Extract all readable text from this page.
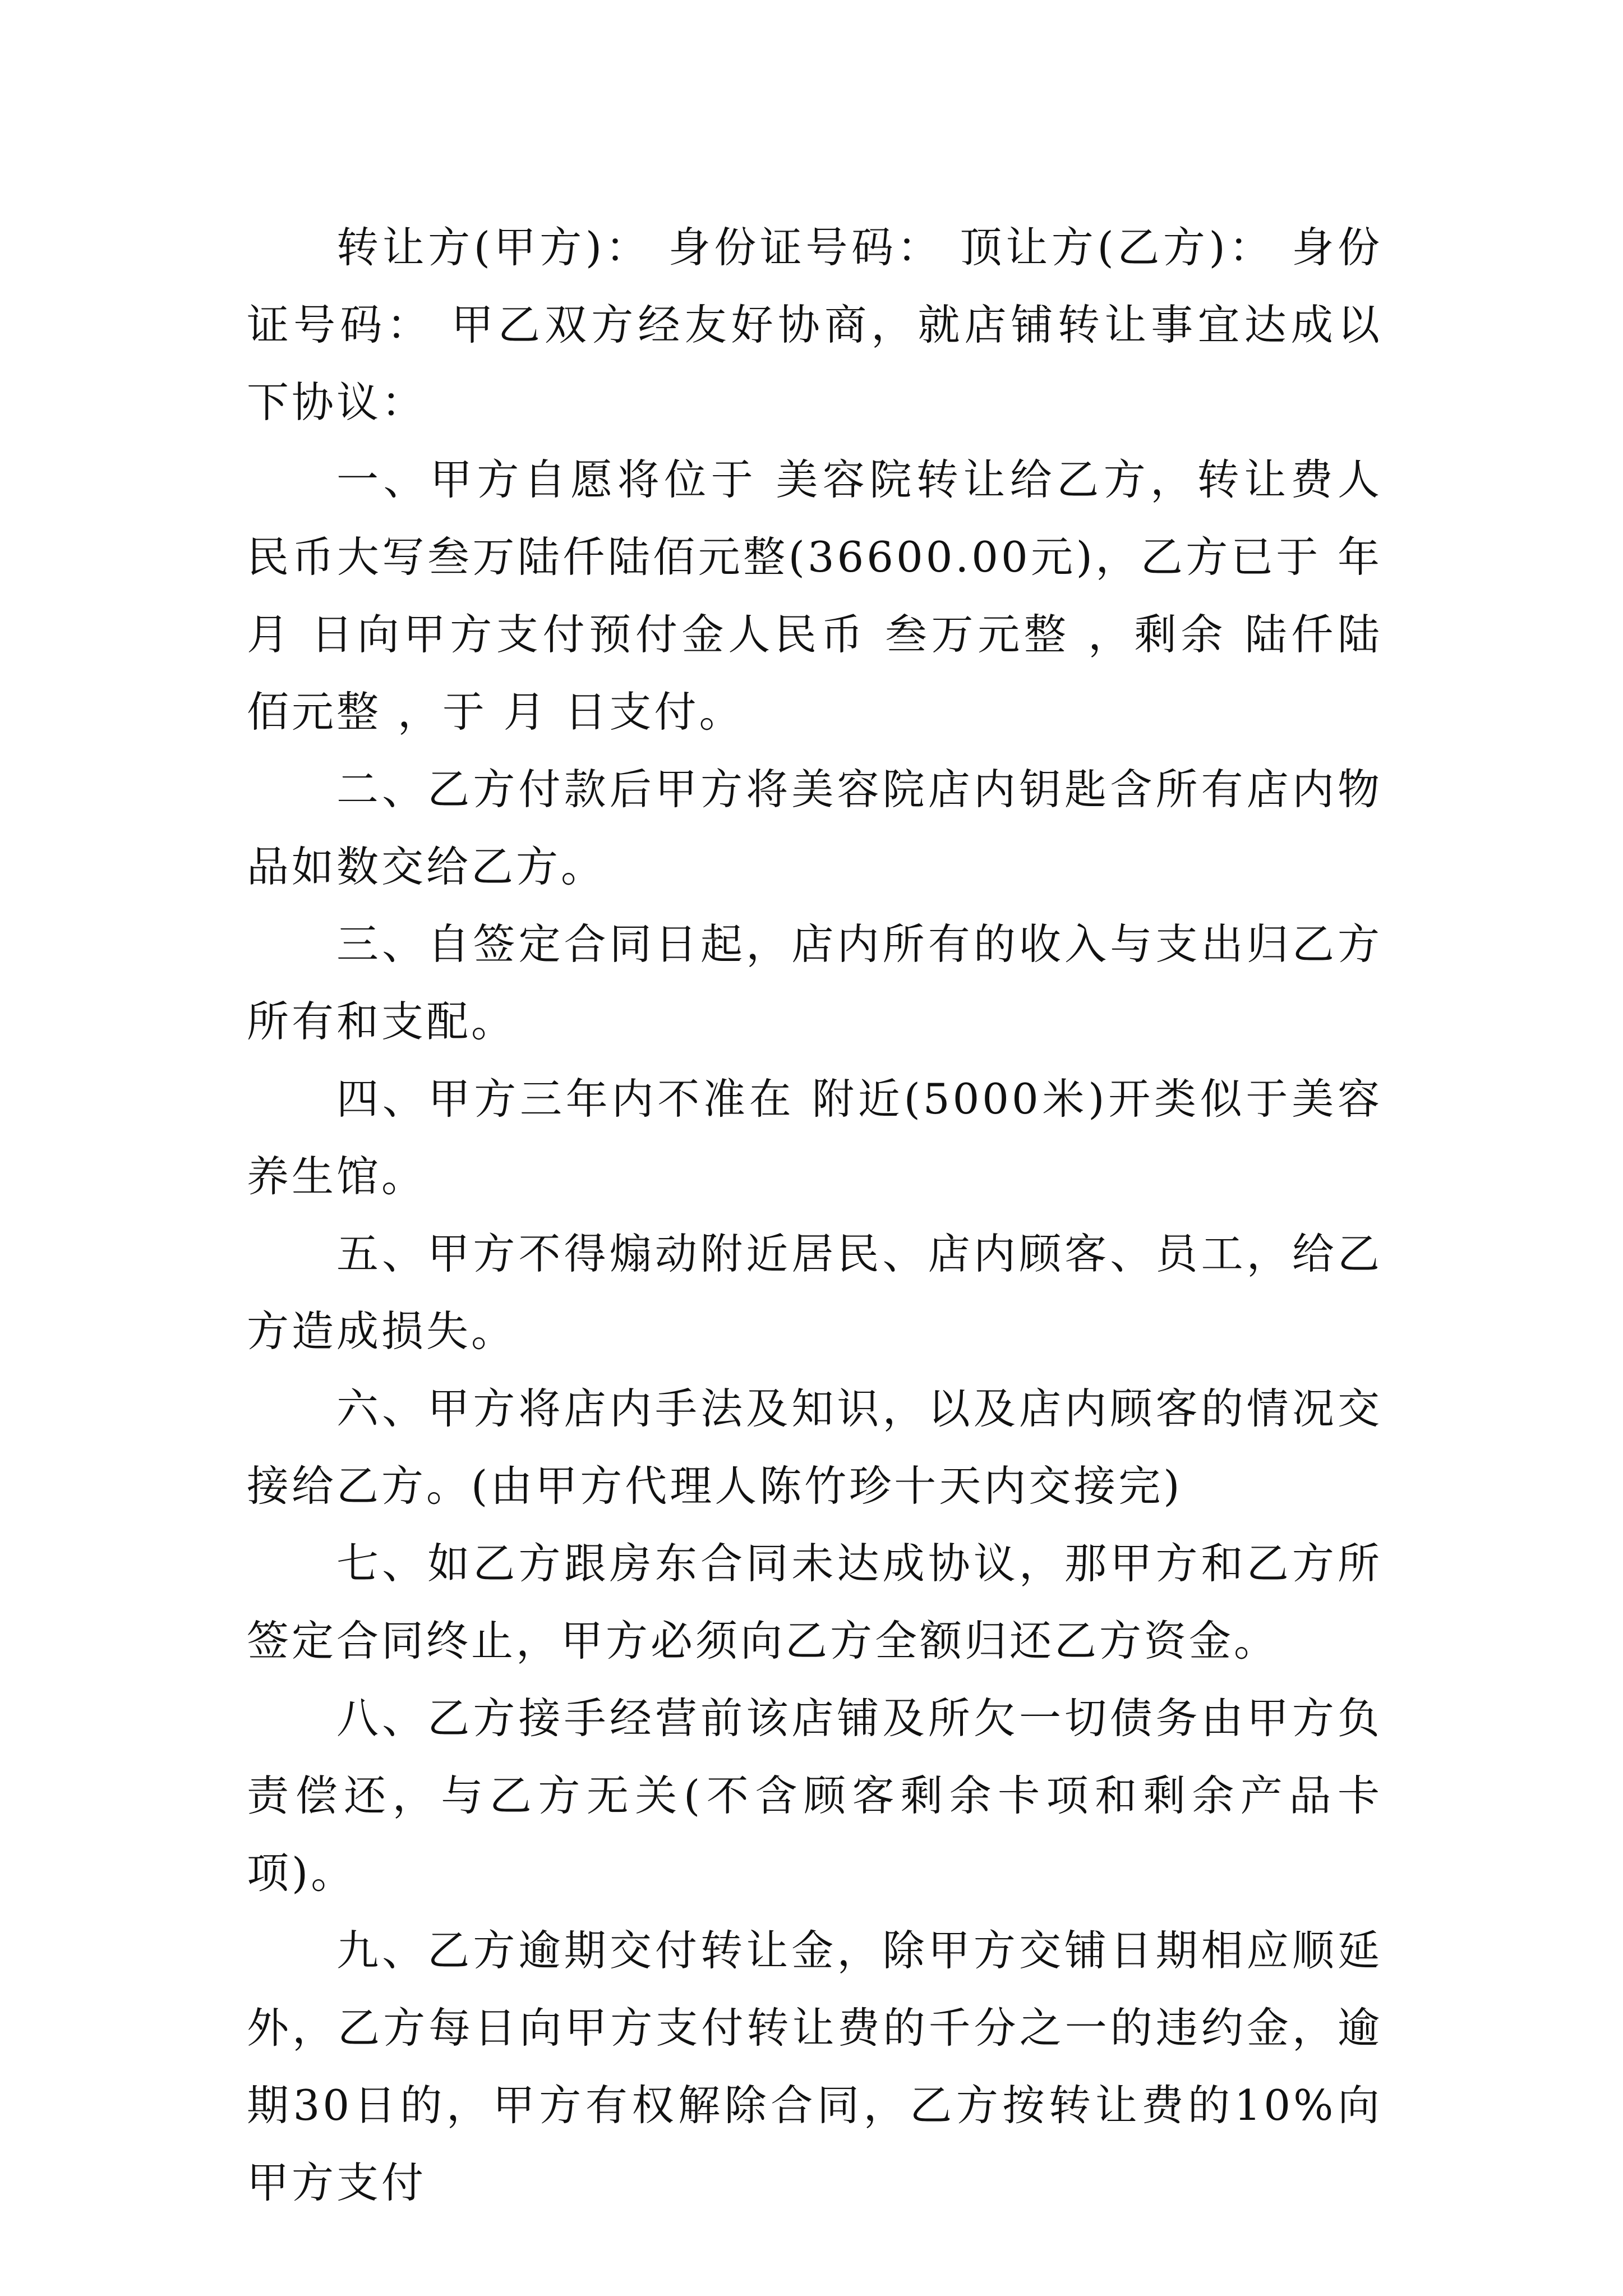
转让方(甲方)： 身份证号码： 顶让方(乙方)： 身份证号码： 甲乙双方经友好协商，就店铺转让事宜达成以下协议：

一、甲方自愿将位于 美容院转让给乙方，转让费人民币大写叁万陆仟陆佰元整(36600.00元)，乙方已于 年 月 日向甲方支付预付金人民币 叁万元整 ，剩余 陆仟陆佰元整 ，于 月 日支付。

二、乙方付款后甲方将美容院店内钥匙含所有店内物品如数交给乙方。

三、自签定合同日起，店内所有的收入与支出归乙方所有和支配。

四、甲方三年内不准在 附近(5000米)开类似于美容养生馆。

五、甲方不得煽动附近居民、店内顾客、员工，给乙方造成损失。

六、甲方将店内手法及知识，以及店内顾客的情况交接给乙方。(由甲方代理人陈竹珍十天内交接完)

七、如乙方跟房东合同未达成协议，那甲方和乙方所签定合同终止，甲方必须向乙方全额归还乙方资金。

八、乙方接手经营前该店铺及所欠一切债务由甲方负责偿还，与乙方无关(不含顾客剩余卡项和剩余产品卡项)。

九、乙方逾期交付转让金，除甲方交铺日期相应顺延外，乙方每日向甲方支付转让费的千分之一的违约金，逾期30日的，甲方有权解除合同，乙方按转让费的10%向甲方支付
